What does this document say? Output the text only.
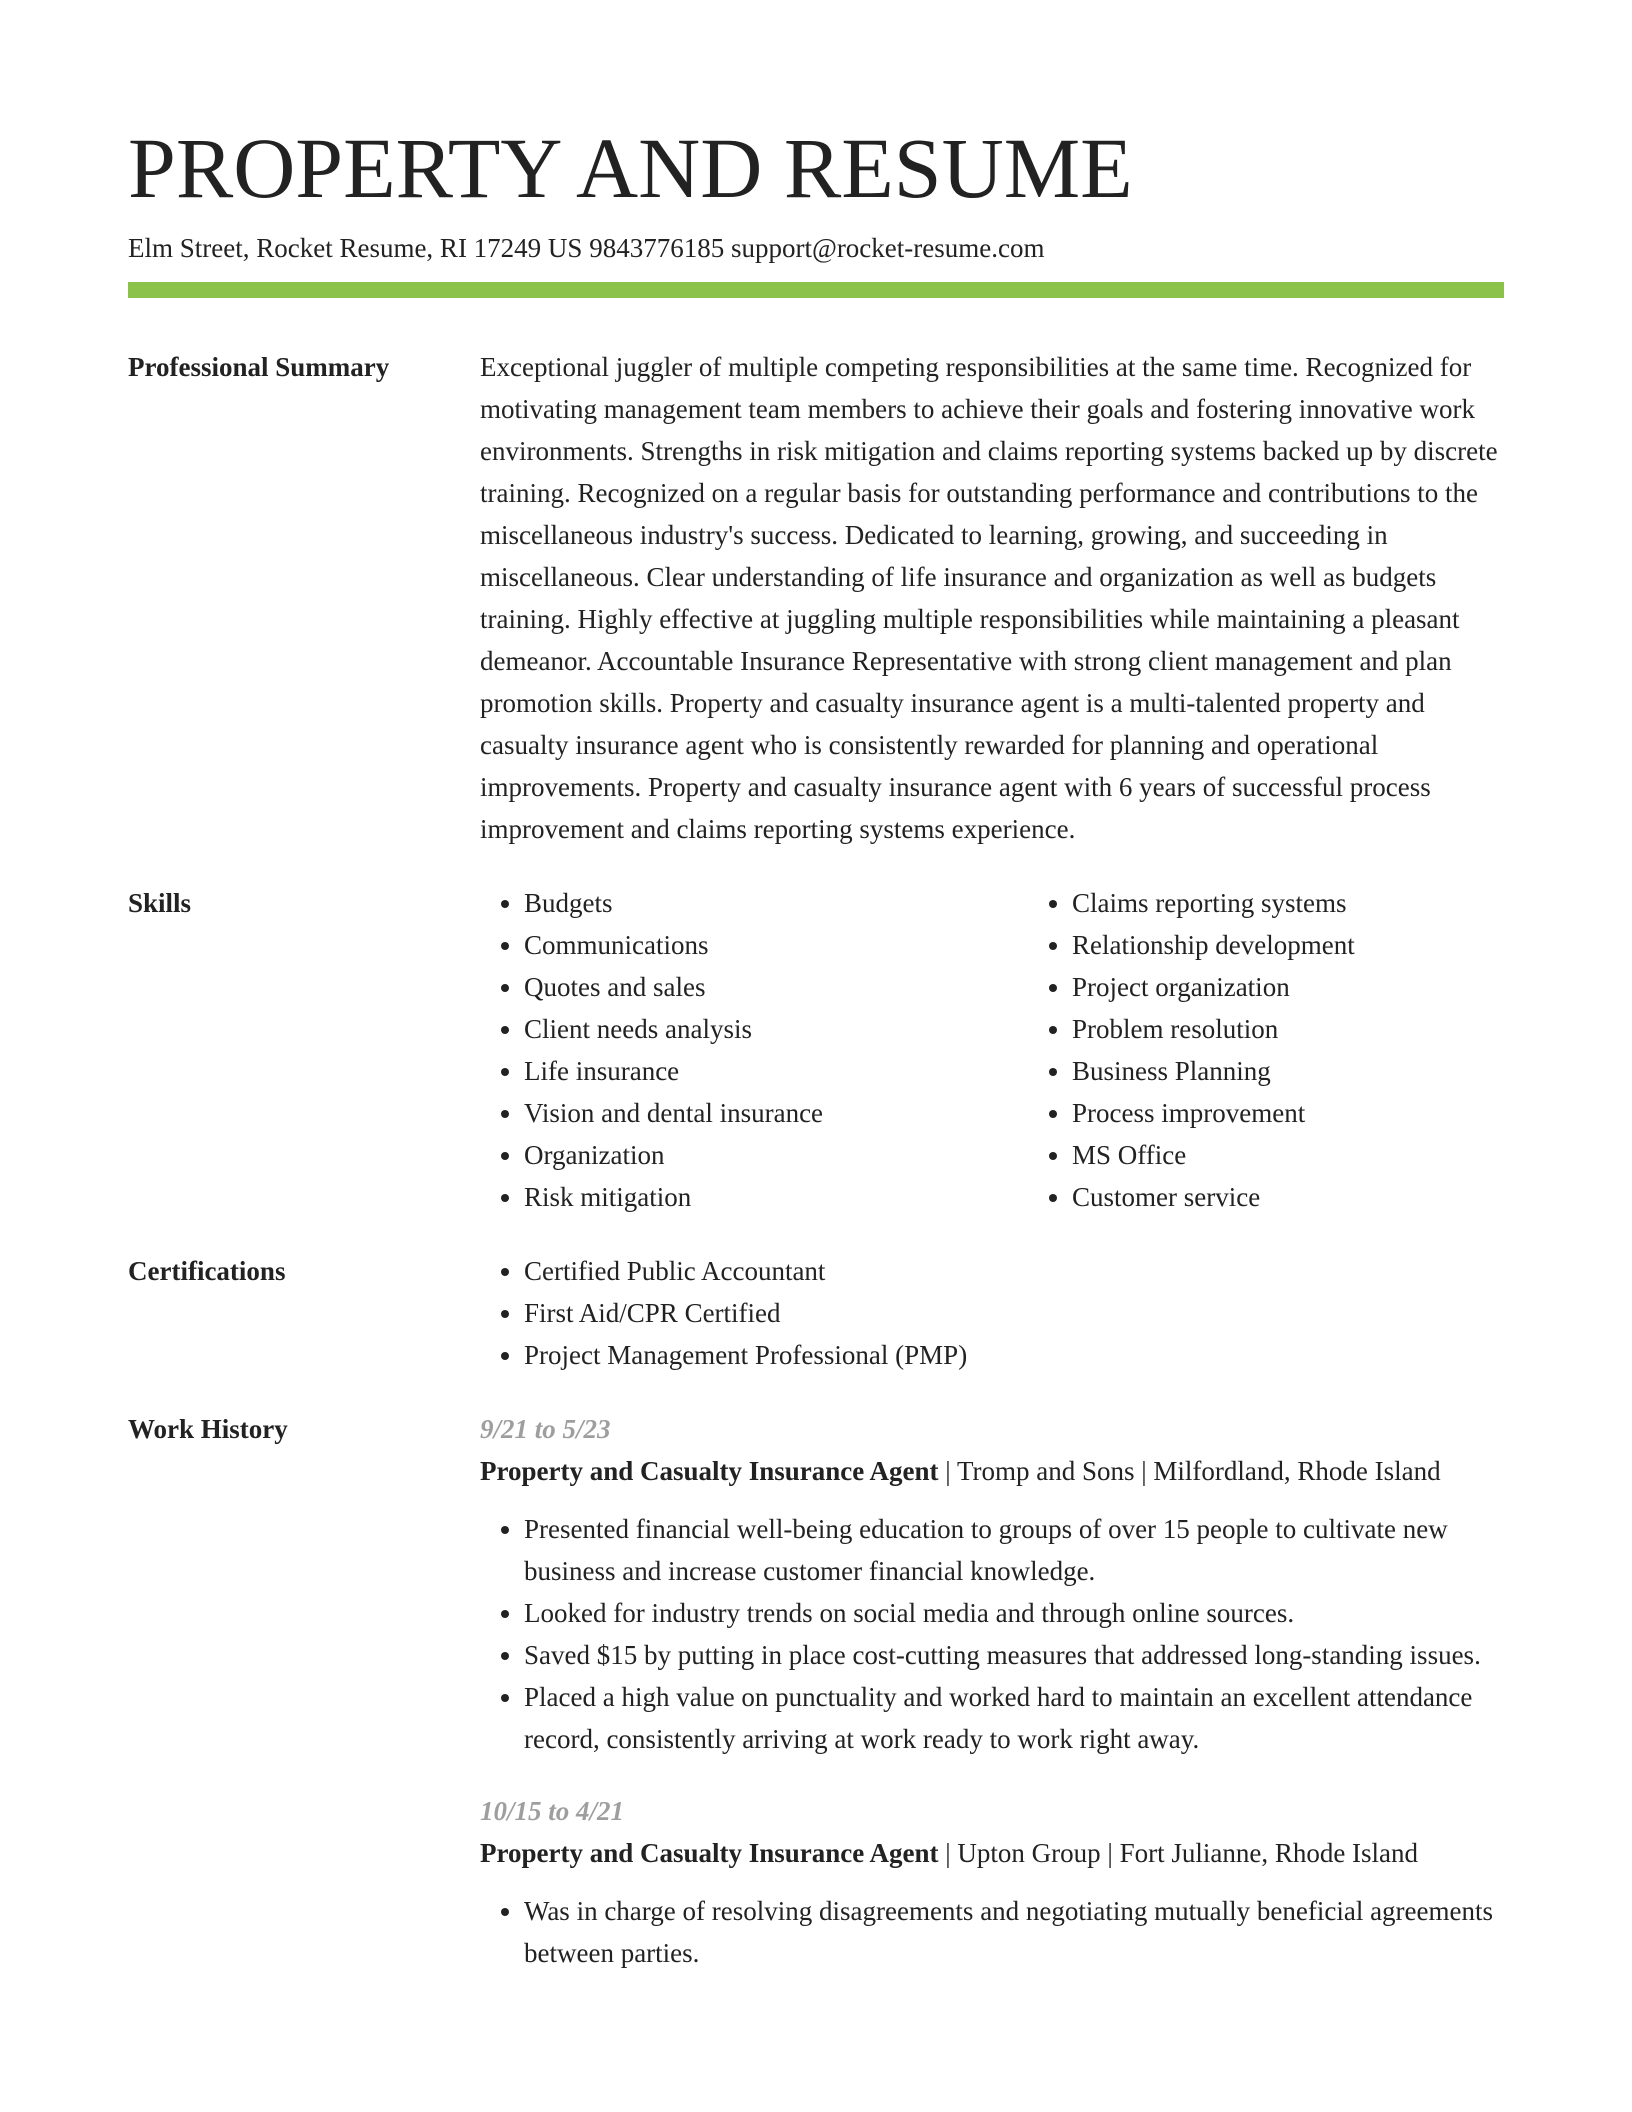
PROPERTY AND RESUME
Elm Street, Rocket Resume, RI 17249 US 9843776185 support@rocket-resume.com
Professional Summary	Exceptional juggler of multiple competing responsibilities at the same time. Recognized for motivating management team members to achieve their goals and fostering innovative work environments. Strengths in risk mitigation and claims reporting systems backed up by discrete training. Recognized on a regular basis for outstanding performance and contributions to the miscellaneous industry's success. Dedicated to learning, growing, and succeeding in miscellaneous. Clear understanding of life insurance and organization as well as budgets training. Highly effective at juggling multiple responsibilities while maintaining a pleasant demeanor. Accountable Insurance Representative with strong client management and plan promotion skills. Property and casualty insurance agent is a multi-talented property and casualty insurance agent who is consistently rewarded for planning and operational improvements. Property and casualty insurance agent with 6 years of successful process improvement and claims reporting systems experience.

Skills	• Budgets
• Communications
• Quotes and sales
• Client needs analysis
• Life insurance
• Vision and dental insurance
• Organization
• Risk mitigation
• Claims reporting systems
• Relationship development
• Project organization
• Problem resolution
• Business Planning
• Process improvement
• MS Office
• Customer service
Certifications	• Certified Public Accountant
• First Aid/CPR Certified
• Project Management Professional (PMP)
Work History	9/21 to 5/23

Property and Casualty Insurance Agent | Tromp and Sons | Milfordland, Rhode Island

• Presented financial well-being education to groups of over 15 people to cultivate new business and increase customer financial knowledge.
• Looked for industry trends on social media and through online sources.
• Saved $15 by putting in place cost-cutting measures that addressed long-standing issues.
• Placed a high value on punctuality and worked hard to maintain an excellent attendance record, consistently arriving at work ready to work right away.
10/15 to 4/21

Property and Casualty Insurance Agent | Upton Group | Fort Julianne, Rhode Island

• Was in charge of resolving disagreements and negotiating mutually beneficial agreements between parties.
